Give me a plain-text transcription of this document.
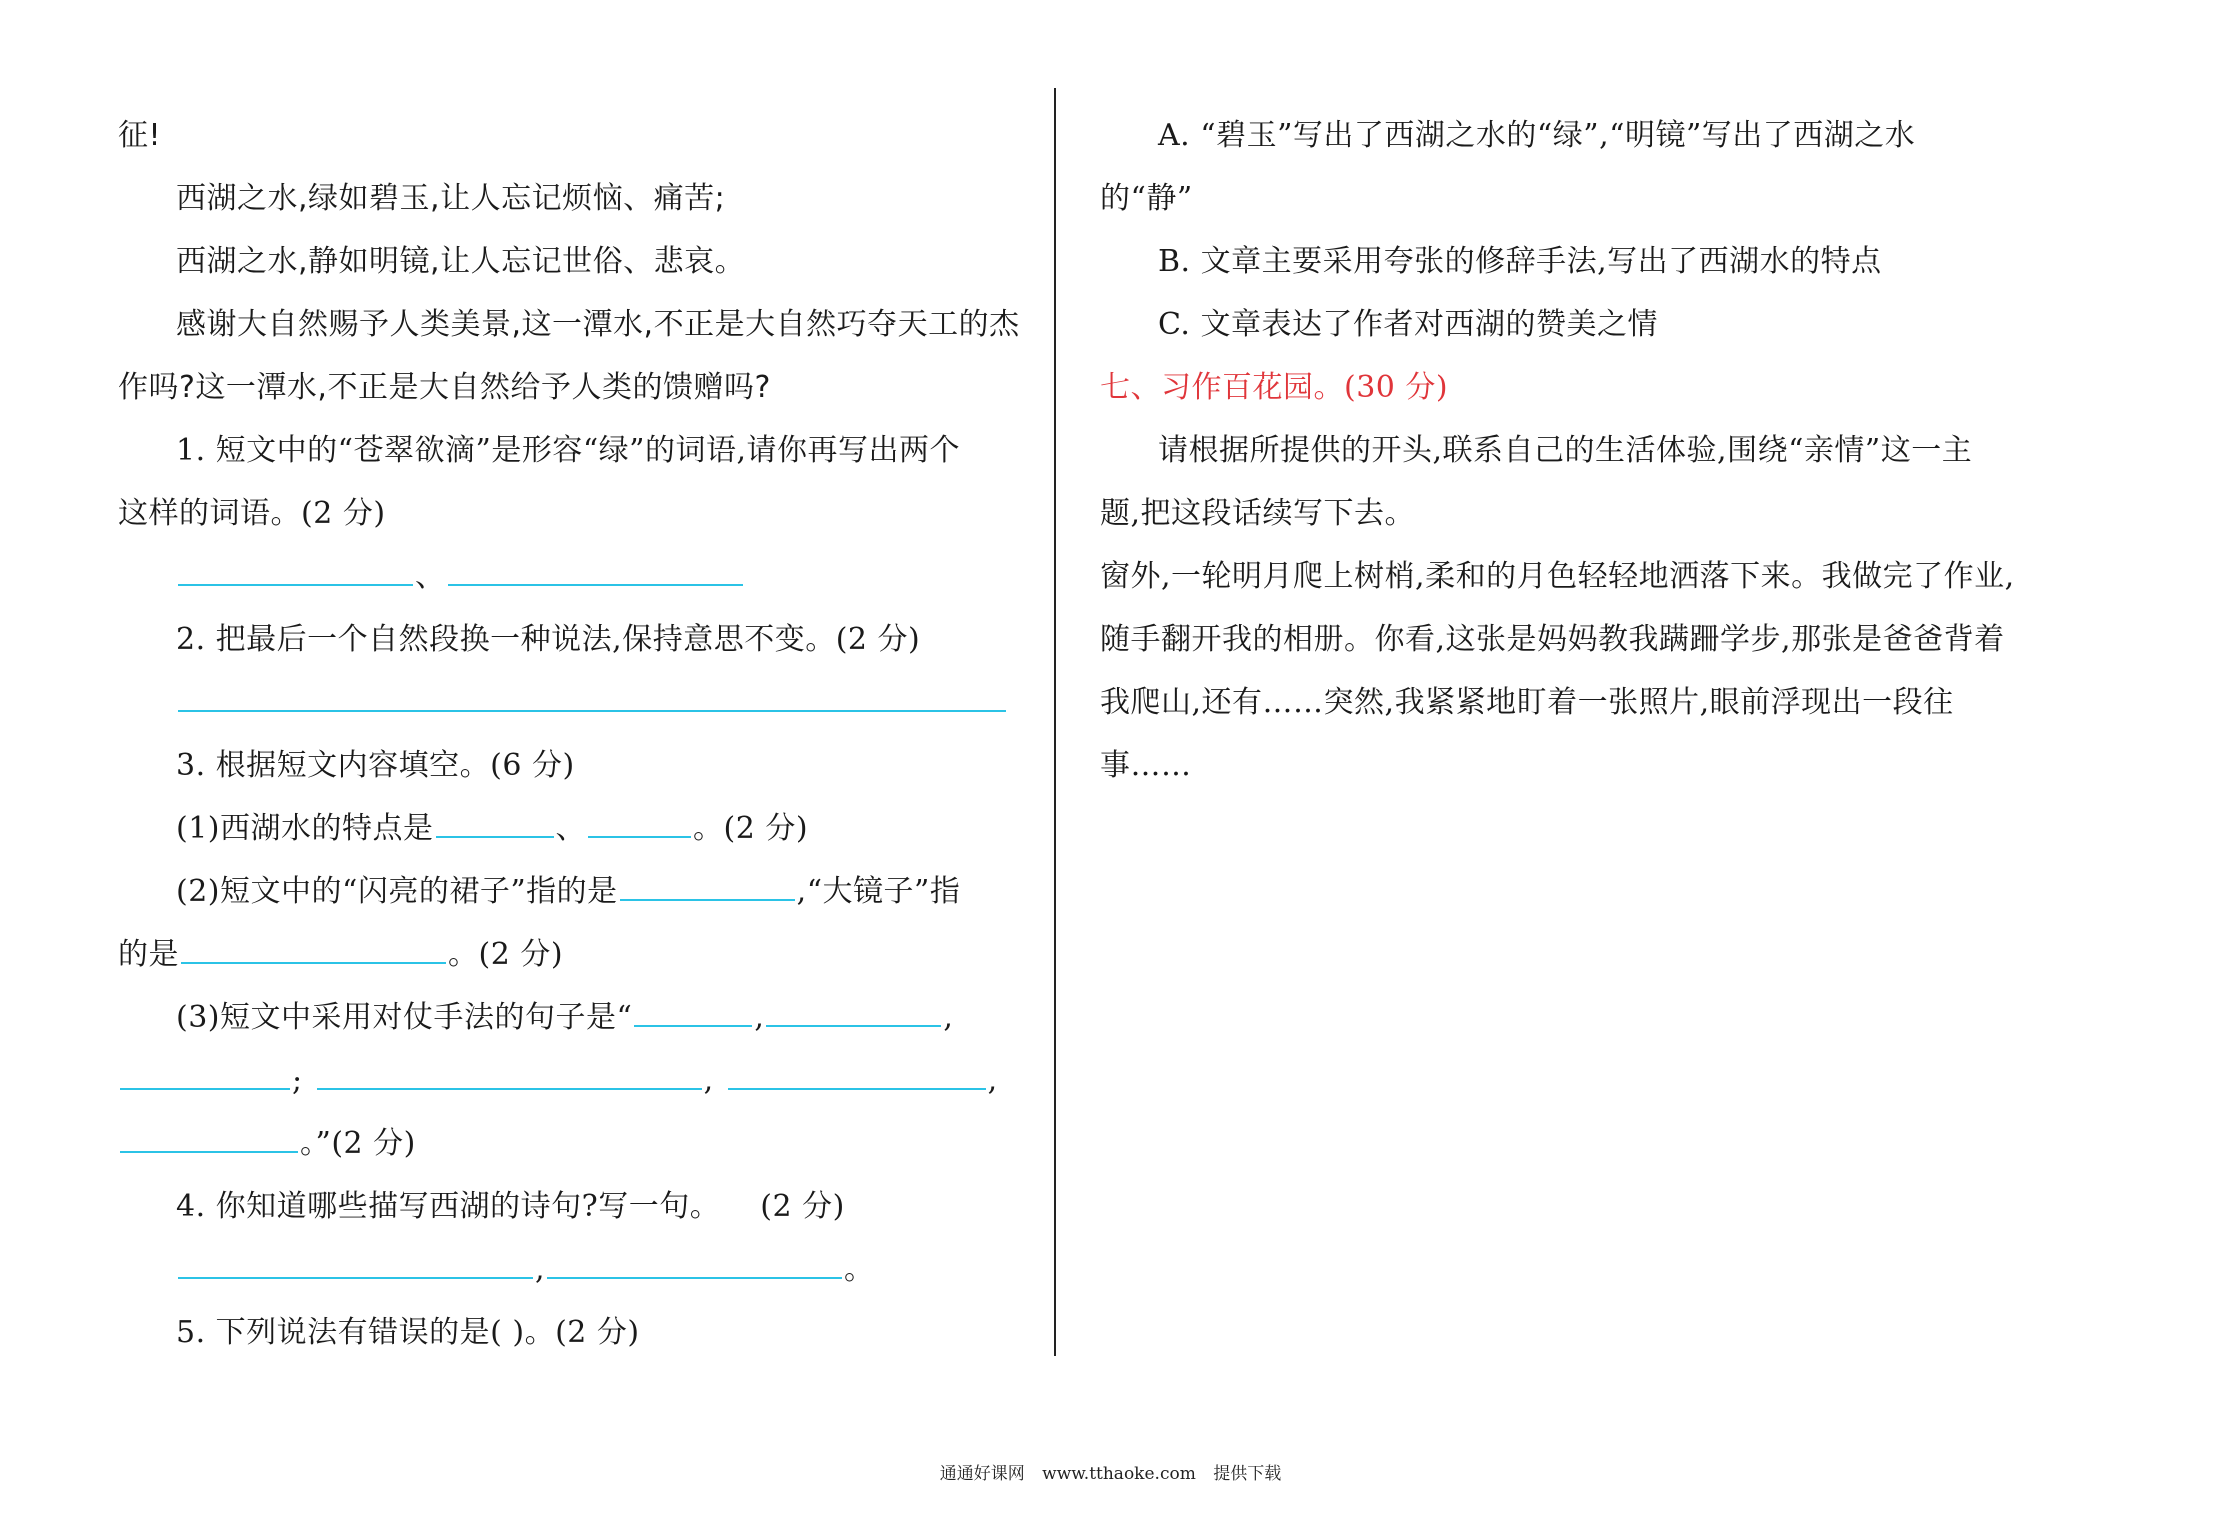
征!
西湖之水,绿如碧玉,让人忘记烦恼、痛苦;
西湖之水,静如明镜,让人忘记世俗、悲哀。
感谢大自然赐予人类美景,这一潭水,不正是大自然巧夺天工的杰
作吗?这一潭水,不正是大自然给予人类的馈赠吗?
1. 短文中的“苍翠欲滴”是形容“绿”的词语,请你再写出两个
这样的词语。(2 分)
、
2. 把最后一个自然段换一种说法,保持意思不变。(2 分)
3. 根据短文内容填空。(6 分)
(1)西湖水的特点是	、	。(2 分)
(2)短文中的“闪亮的裙子”指的是	,“大镜子”指
的是	。(2 分)
(3)短文中采用对仗手法的句子是“	,	,
;	,	,
。”(2 分)
4. 你知道哪些描写西湖的诗句?写一句。 (2 分)
,	。
5. 下列说法有错误的是( )。(2 分)
A. “碧玉”写出了西湖之水的“绿”,“明镜”写出了西湖之水
的“静”
B. 文章主要采用夸张的修辞手法,写出了西湖水的特点
C. 文章表达了作者对西湖的赞美之情
七、习作百花园。(30 分)
请根据所提供的开头,联系自己的生活体验,围绕“亲情”这一主
题,把这段话续写下去。
窗外,一轮明月爬上树梢,柔和的月色轻轻地洒落下来。我做完了作业,
随手翻开我的相册。你看,这张是妈妈教我蹒跚学步,那张是爸爸背着
我爬山,还有……突然,我紧紧地盯着一张照片,眼前浮现出一段往
事……
通通好课网 www.tthaoke.com 提供下载
